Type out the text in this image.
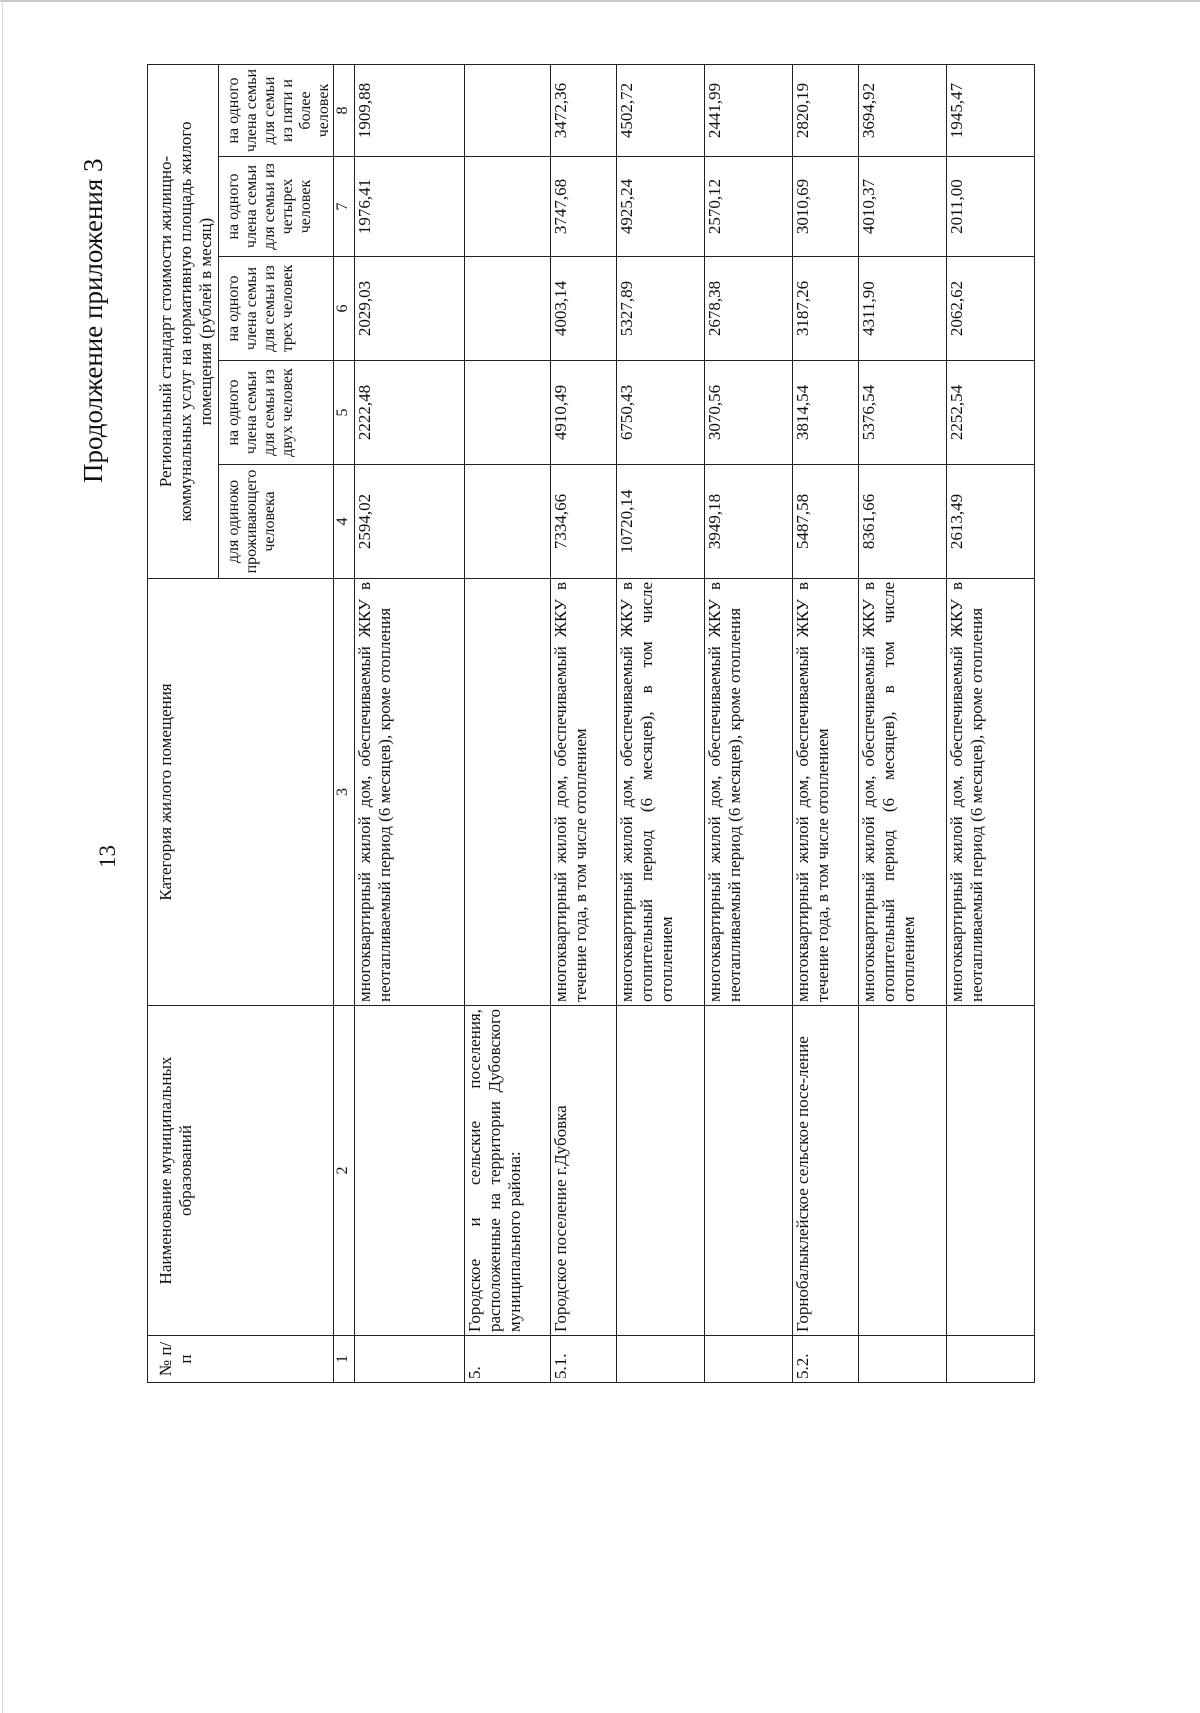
13
Продолжение приложения 3
№ п/п	Наименование муниципальных образований	Категория жилого помещения	Региональный стандарт стоимости жилищно-коммунальных услуг на нормативную площадь жилого помещения (рублей в месяц)				
			для одиноко проживающего человека	на одного члена семьи для семьи из двух человек	на одного члена семьи для семьи из трех человек	на одного члена семьи для семьи из четырех человек	на одного члена семьи для семьи из пяти и более человек
1	2	3	4	5	6	7	8
		многоквартирный жилой дом, обеспечиваемый ЖКУ в неотапливаемый период (6 месяцев), кроме отопления	2594,02	2222,48	2029,03	1976,41	1909,88
5.	Городское и сельские поселения, расположенные на территории Дубовского муниципального района:						
5.1.	Городское поселение г.Дубовка	многоквартирный жилой дом, обеспечиваемый ЖКУ в течение года, в том числе отоплением	7334,66	4910,49	4003,14	3747,68	3472,36
		многоквартирный жилой дом, обеспечиваемый ЖКУ в отопительный период (6 месяцев), в том числе отоплением	10720,14	6750,43	5327,89	4925,24	4502,72
		многоквартирный жилой дом, обеспечиваемый ЖКУ в неотапливаемый период (6 месяцев), кроме отопления	3949,18	3070,56	2678,38	2570,12	2441,99
5.2.	Горнобалыклейское сельское посе-ление	многоквартирный жилой дом, обеспечиваемый ЖКУ в течение года, в том числе отоплением	5487,58	3814,54	3187,26	3010,69	2820,19
		многоквартирный жилой дом, обеспечиваемый ЖКУ в отопительный период (6 месяцев), в том числе отоплением	8361,66	5376,54	4311,90	4010,37	3694,92
		многоквартирный жилой дом, обеспечиваемый ЖКУ в неотапливаемый период (6 месяцев), кроме отопления	2613,49	2252,54	2062,62	2011,00	1945,47
